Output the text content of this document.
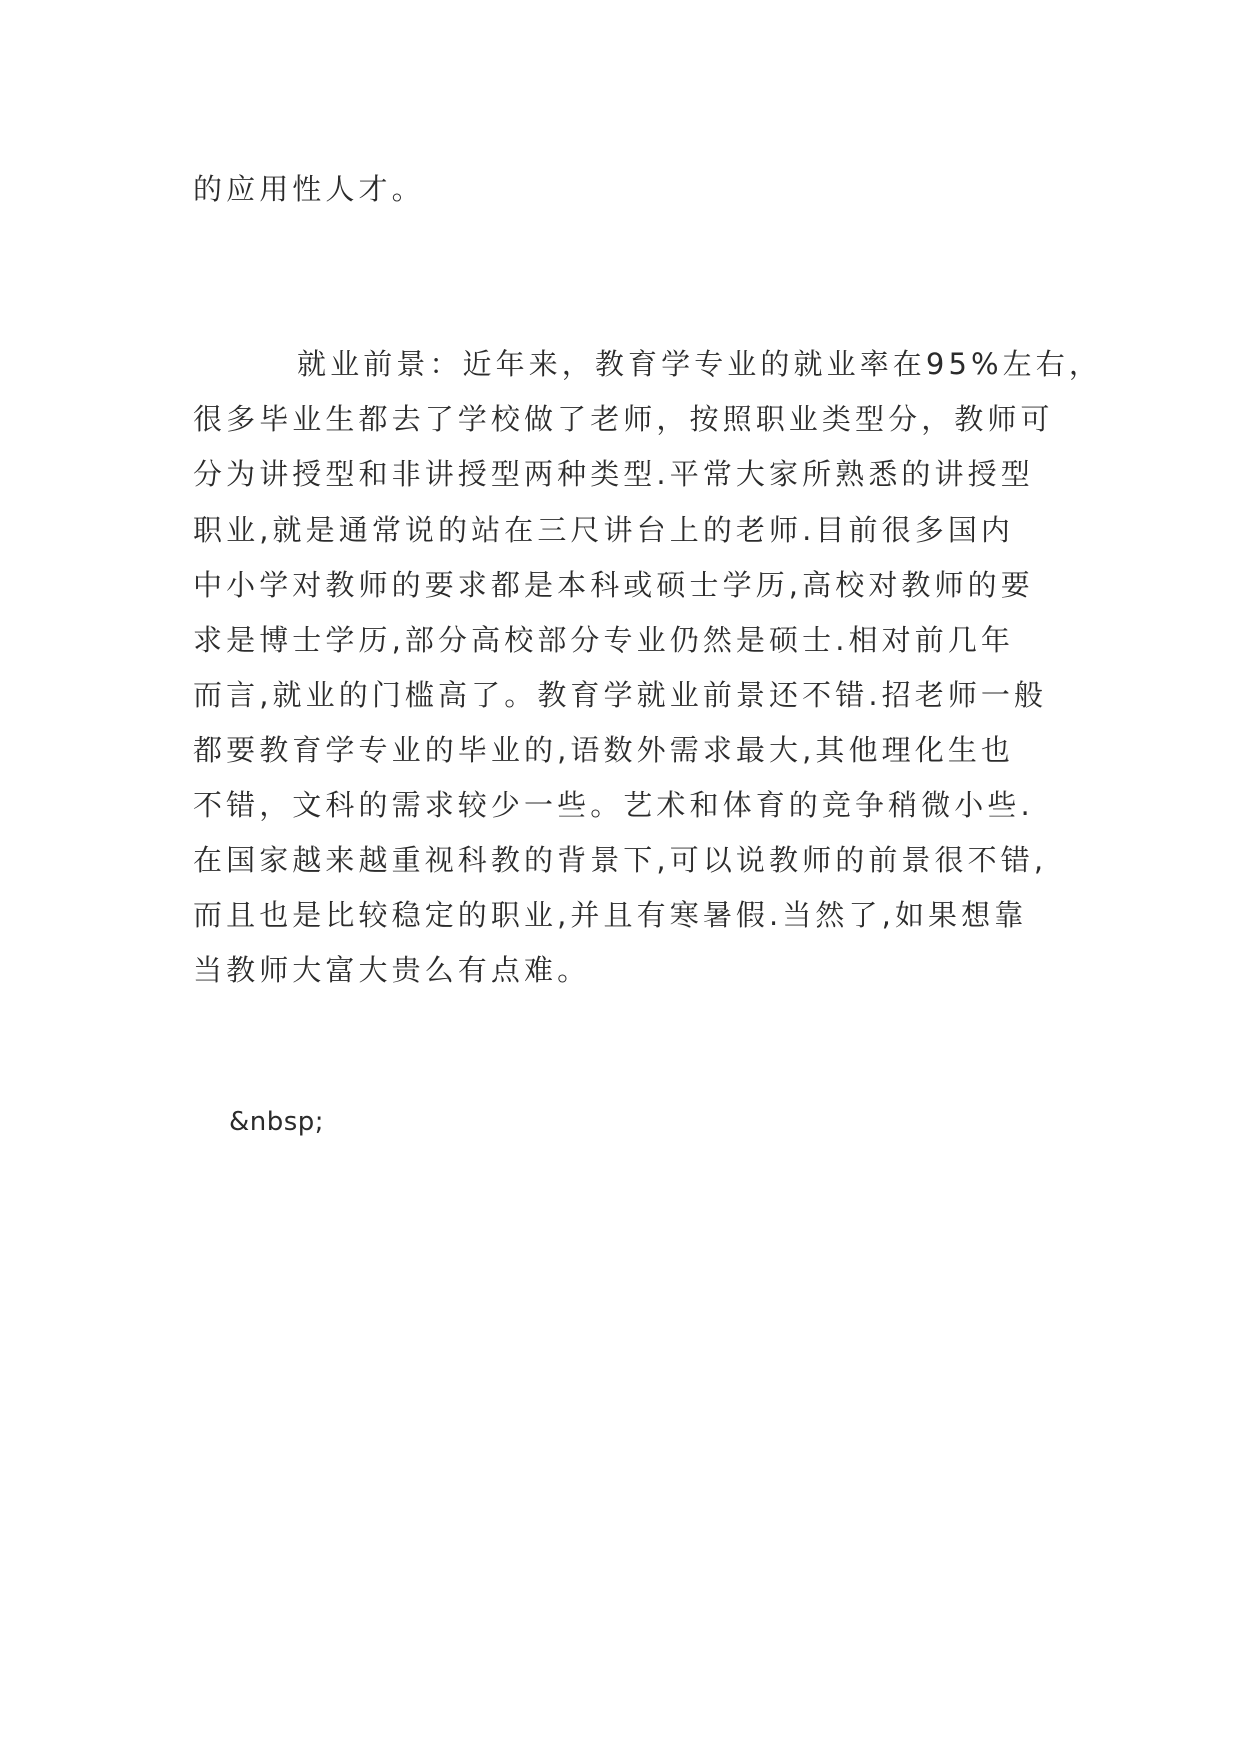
的应用性人才。
就业前景：近年来，教育学专业的就业率在95%左右，
很多毕业生都去了学校做了老师，按照职业类型分，教师可
分为讲授型和非讲授型两种类型.平常大家所熟悉的讲授型
职业,就是通常说的站在三尺讲台上的老师.目前很多国内
中小学对教师的要求都是本科或硕士学历,高校对教师的要
求是博士学历,部分高校部分专业仍然是硕士.相对前几年
而言,就业的门槛高了。教育学就业前景还不错.招老师一般
都要教育学专业的毕业的,语数外需求最大,其他理化生也
不错，文科的需求较少一些。艺术和体育的竞争稍微小些.
在国家越来越重视科教的背景下,可以说教师的前景很不错,
而且也是比较稳定的职业,并且有寒暑假.当然了,如果想靠
当教师大富大贵么有点难。
&nbsp;
